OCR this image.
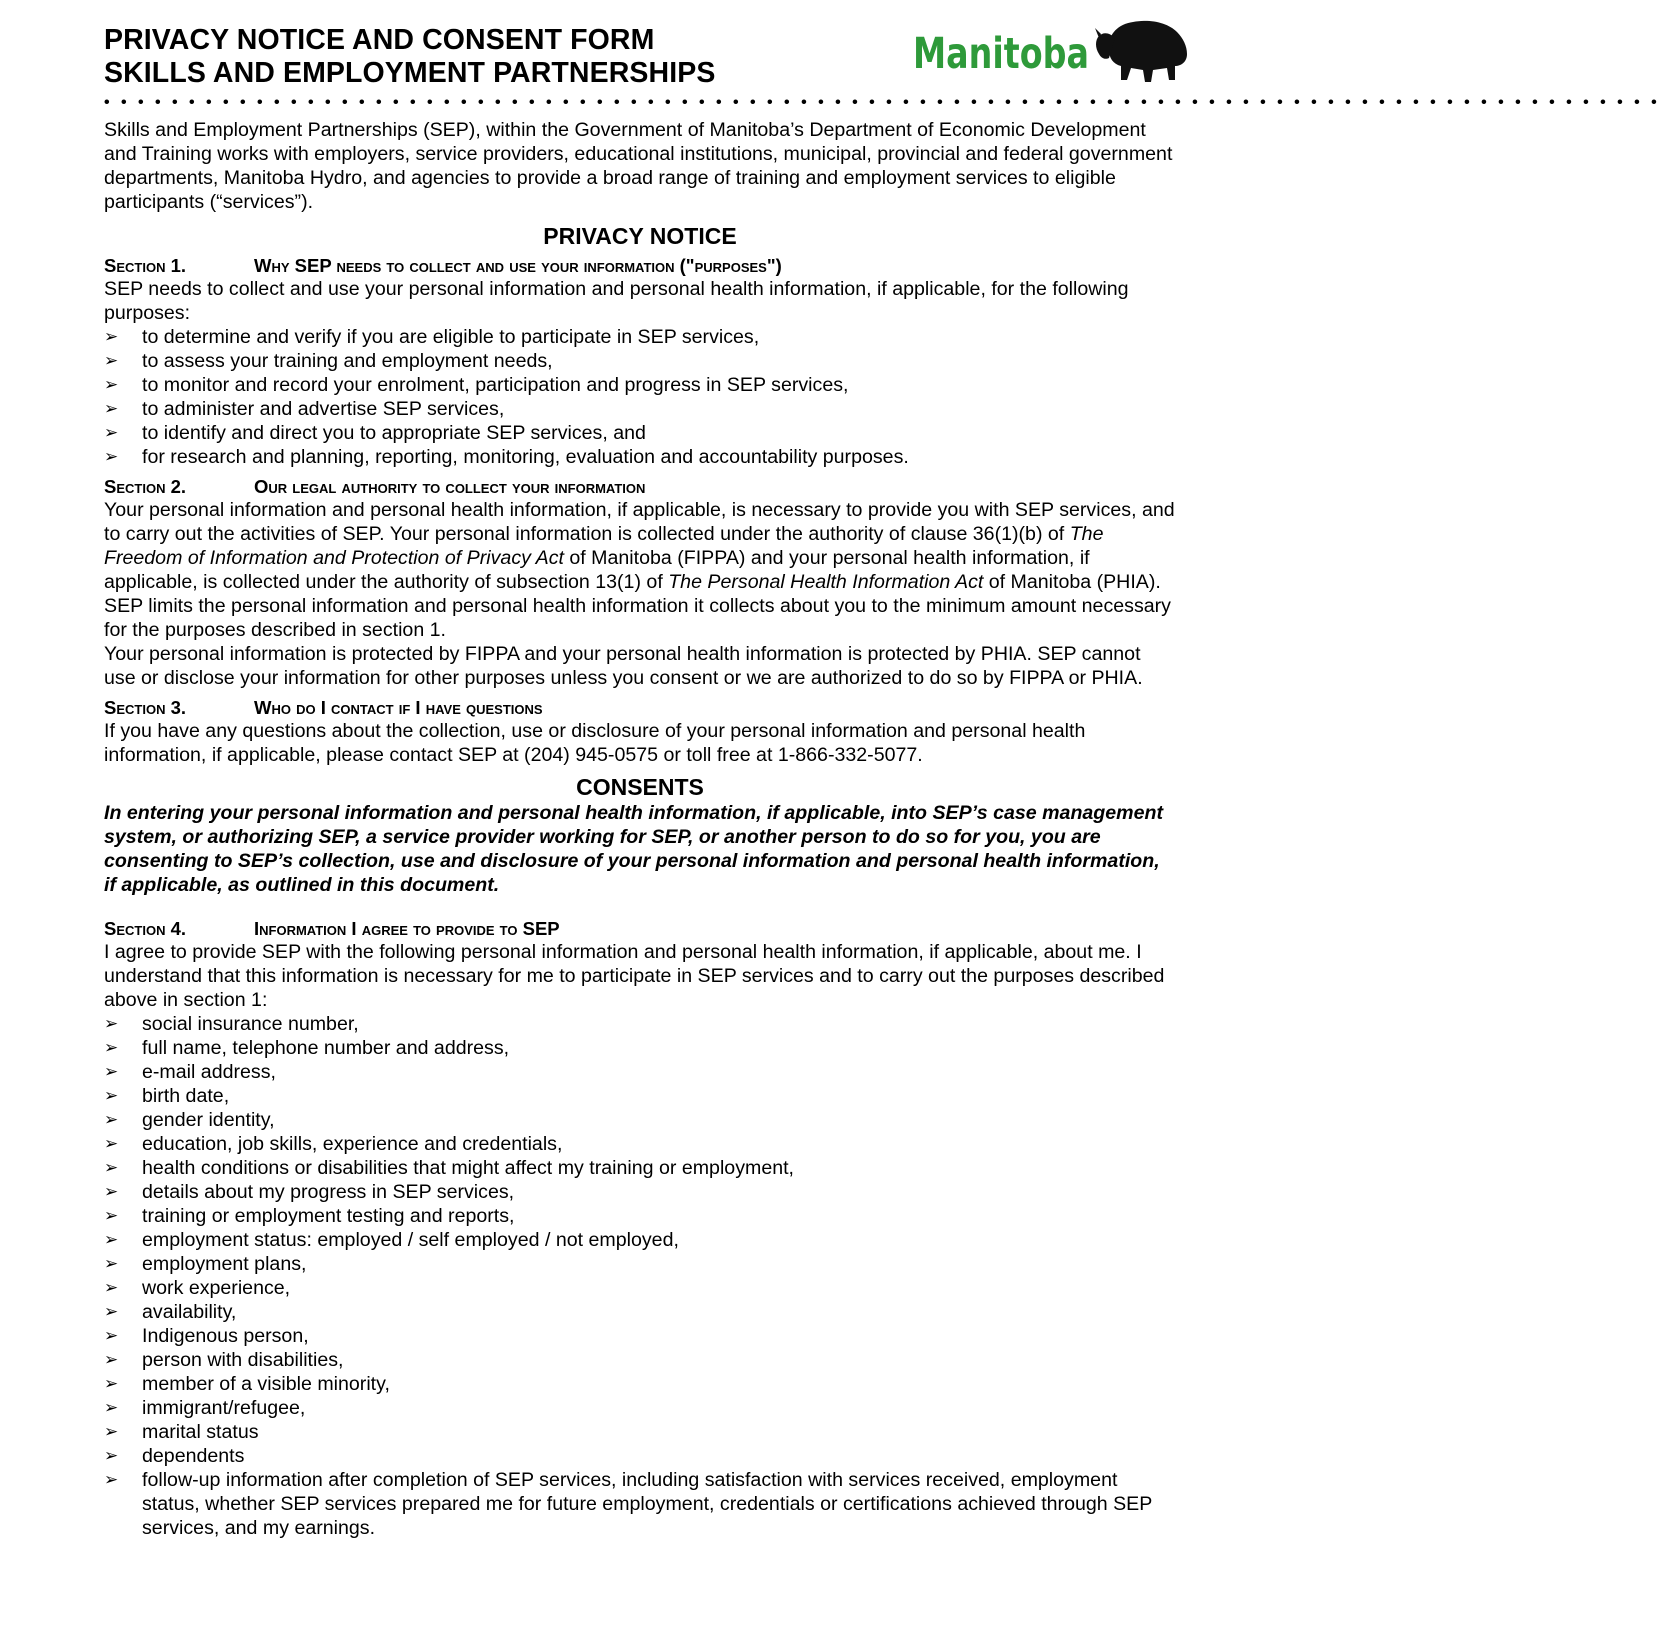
PRIVACY NOTICE AND CONSENT FORM
SKILLS AND EMPLOYMENT PARTNERSHIPS	Manitoba
••••••••••••••••••••••••••••••••••••••••••••••••••••••••••••••••••••••••••••••••••••••••••••

Skills and Employment Partnerships (SEP), within the Government of Manitoba’s Department of Economic Development and Training works with employers, service providers, educational institutions, municipal, provincial and federal government departments, Manitoba Hydro, and agencies to provide a broad range of training and employment services to eligible participants (“services”).

PRIVACY NOTICE
Section 1.	Why SEP needs to collect and use your information ("purposes")

SEP needs to collect and use your personal information and personal health information, if applicable, for the following purposes:

➢ to determine and verify if you are eligible to participate in SEP services,
➢ to assess your training and employment needs,
➢ to monitor and record your enrolment, participation and progress in SEP services,
➢ to administer and advertise SEP services,
➢ to identify and direct you to appropriate SEP services, and
➢ for research and planning, reporting, monitoring, evaluation and accountability purposes.
Section 2.	Our legal authority to collect your information

Your personal information and personal health information, if applicable, is necessary to provide you with SEP services, and to carry out the activities of SEP. Your personal information is collected under the authority of clause 36(1)(b) of The Freedom of Information and Protection of Privacy Act of Manitoba (FIPPA) and your personal health information, if applicable, is collected under the authority of subsection 13(1) of The Personal Health Information Act of Manitoba (PHIA). SEP limits the personal information and personal health information it collects about you to the minimum amount necessary for the purposes described in section 1.

Your personal information is protected by FIPPA and your personal health information is protected by PHIA. SEP cannot use or disclose your information for other purposes unless you consent or we are authorized to do so by FIPPA or PHIA.

Section 3.	Who do I contact if I have questions

If you have any questions about the collection, use or disclosure of your personal information and personal health information, if applicable, please contact SEP at (204) 945-0575 or toll free at 1-866-332-5077.

CONSENTS
In entering your personal information and personal health information, if applicable, into SEP’s case management system, or authorizing SEP, a service provider working for SEP, or another person to do so for you, you are consenting to SEP’s collection, use and disclosure of your personal information and personal health information, if applicable, as outlined in this document.
Section 4.	Information I agree to provide to SEP

I agree to provide SEP with the following personal information and personal health information, if applicable, about me. I understand that this information is necessary for me to participate in SEP services and to carry out the purposes described above in section 1:

➢ social insurance number,
➢ full name, telephone number and address,
➢ e-mail address,
➢ birth date,
➢ gender identity,
➢ education, job skills, experience and credentials,
➢ health conditions or disabilities that might affect my training or employment,
➢ details about my progress in SEP services,
➢ training or employment testing and reports,
➢ employment status: employed / self employed / not employed,
➢ employment plans,
➢ work experience,
➢ availability,
➢ Indigenous person,
➢ person with disabilities,
➢ member of a visible minority,
➢ immigrant/refugee,
➢ marital status
➢ dependents
➢ follow-up information after completion of SEP services, including satisfaction with services received, employment status, whether SEP services prepared me for future employment, credentials or certifications achieved through SEP services, and my earnings.
